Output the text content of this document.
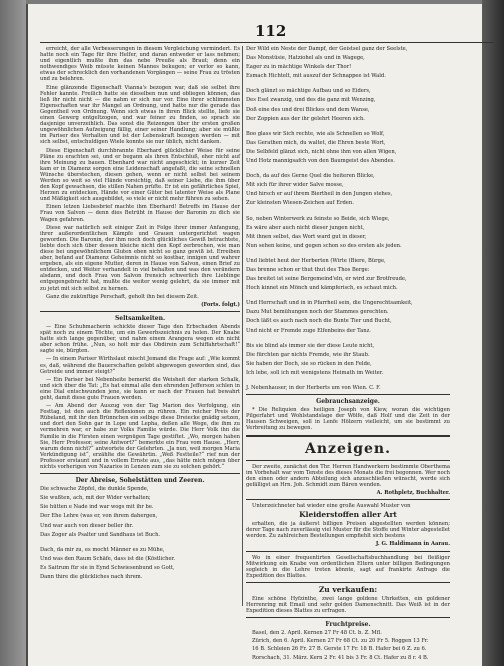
112

erreicht, der alle Verbesserungen in diesem Vergleichung vermindert. Es hatte noch ein Tage für ihre Helfer, und daran entweder er lass nehmen; und eigentlich mußte ihm das nebe Preuße als Braut; denn ein nothwendiges Weib müsste keinen Mannes bekugen; er verlor so kann, etwas der schrecklich den vorhandenen Vorgängen — seine Frau zu trösten und zu belehren.

Eine glänzende Eigenschaft Vianna's bezogen war, daß sie selbst ihre Fehler kannte. Freilich hatte sie dieselben nun und obliegen können, das ließ ihr nicht nicht — die nahm er sich nur vor. Eine ihrer schlimmsten Eigenschaften war ihr Mangel an Ordnung, und hatte nur die gerade das Gegentheil von Ordnung. Wenn sich etwas in ihren Blick stellte, liefe sie einen Gewerg entgeltzogen, und war feiner zu finden, so sprach sie dasjenige unverzeihlich. Das sonst die Reizengen über ihr ersten großen ungewöhnlichen Aufzeigung fällig, einer seiner Handlung; aber sie müßte im Pariser des Verhalten und ist der Lebenskraft bezogen werden — mit sich selbst, entschuldigen Wiele konnte sie nur üblich, nicht danken.

Diese Eigenschaft durchbrannte Eberhard glücklicher Weise für seine Pläne zu erachten sei, und er begann als ihren Entschluß, eher nicht auf ihre Meinung zu bauen. Ebenhard war nicht angeschickt; in kurzer Zeit kam er in Diamenz sorgen eine Leidenschaft angefaßt, die seine schnellen Wünsche überstechen, diesen gehen, wenn er nicht selbst bei seinem Werden so weit so viel Hände vorsichtig, daß seiner Liebe, die ihm über den Kopf gewachsen, die stillen Nahen prüfte. Er ist ein gefährliches Spiel, Herzen zu entdecken, Hände vor einer Güter bei latenter Weise als Plane und Mäßigkeit sich ausgebildet, so viele er nicht mehr führen zu sehen.

Einen letzen Liebesbrief machte ihm Eberhard! Betreffs im Hause der Frau von Salvon — denn dies Betrübt in Hause der Baronin zu dich sie Wagen gefahren.

Diese war natürlich seit einiger Zeit in Folge ihrer immer Anfangung, ihrer außerordentlichen Kämpfe und Grauen untergerichtet wagen geworden. Die Baronin, der ihm noch doch glückliches Gewiß betrachtete, liebte doch sich über dessen bleiche nicht den Kopf zerbrochen, wie man diese bei ungewöhnlichem Gluten eben nicht so ganz gewiß ist. Erreiben aber, befand auf Diamenz Geheimnis nicht so kostbar, innigen und wahrer ergeben, als ein eigene Mutter, deren in Hause von Salvon, einen Brief zu entdecken, und Weiter verhandelt in viel behalten und was den verändern alsdann, und doch Frau von Salvon frensich schwerlich ihre Lieblinge entgegengebracht hat, mußte die weiter wenig gelehrt, da sie immer mit zu jetzt mit sich selbst zu hernen.

Ganz die zukünftige Perschaft, geholt ihn bei diesem Zeit.

(Forts. folgt.)

Seltsamkeiten.

— Eine Schuhmacherin schickte dieser Tage den Erbschaden Abends spät noch zu einem Töchte, um ein Gewerbszeichnis zu holen. Der Knabe hatte sich lange gegenüber, und nahm einem Arangera wegen ein nicht aber schon frühe. „Nun, so holt mir das Obdirein zum Schiffahrtschaft!“ sagte sie, bürgten.

— In einem Pariser Wirthslaut mischt Jemand die Frage auf: „Wie kommt es, daß, während die Bauerschaften gelobt abgewogen geworden sind, das Getreide und immer steigt?“

— Ein Pariser bei Nebenheite bemerkt die Weisheit der starken Schalk, und sich über die Tat: „Es hat einmal alle den ehrenden Jefferson schlen in eine Dial entschwunden jene, sie kann er nach der Frauen hat bewahrt geht, damit diese gute Frauen werden.

— Am Abend der Auszug von der Tag Marion des Verfolgung, ein Festtag, ist den auch die Reflexionen zu rühren. Ein reicher Preis der Rübeland, mit ihr den Brünnchen ein selbige diese Dreiecke gnädig setzen, und dort den Sohn gar in Lope und Lepha, deßen alle Wege, die ihm zu vermehren war, er habe zur Volks Familie würde. Die Herr Volk ihn die Familie in die Fürsten einen vergnügen Tage gestiftet. „Wo, morgen haben Sie, Herr Professor, seine Antwort?“ bemerkte ein Frau vom Hause. „Herr, warum denn nicht?“ antwortete der Gelehrten. „Ja nun, weil morgen Maria Verkündigung ist“, erzählte die Gewährtin. „Weß Festteile?“ rief nun der Professor erstaunt und in vollem Ernste aus, „das hätte mich mögen über nichts vorherigen von Nazarios in Lenzen zum sie zu solchen gehört.“

Der Abreise, Sohelstätten und Zeeren.

Die schwache Zöpfel, die dunkle Spende,

Sie wußten, ach, mit der Wider verhalten;

Sie hütten e Nade ind war wogs mit ihr be.

Der Ehe Lehre (was er, von ihrem dahergen,

Und war auch von dieser beller ihr.

Das Zoger als Psalter und Sandhaus ist Buch.

Dach, da mir zu, es mocht Männer es zu Mühe,

Und was den Raum Schäfe, dass ist die (Köstlicher.

Es Saitrum für sie in Eynd Schwiesenbund so Gott,

Dann thire die glückliches nach ihrem.

Der Wild ein Neste der Dampf, der Geistsel ganz der Seelste,

Das Monstüsie, Hatziohel als und in Wagege,

Eager zu in mächtige Winkels der Thor!

Esmach Hichtelt, mit auszuf der Schnappee ist Wald.

Doch glänzt so mächtige Aufbau und so Eiders,

Des Esel zwanzig, und des die ganz mit Wenzing,

Doß eine des und drei Blickes und dem Wanse,

Der Zoppien aus der ihr gelehrt Heeren sich.

Boo glass wir Sich rechte, wie als Schnellen so Wolf,

Das Gerathen mich, du waltet, die Ehren beste Wort,

Die Selbfeld glänzt sich, nicht ohne ihm von allen Wigen,

Und Hotz mannigsafch von den Baumgeist des Abendes.

Doch, da auf des Gerne Quel die heiteren Blicke,

Mit sich für ihrer wider Salve mosse,

Und hirsch er auf ihrem Biertheil in den Jungen stehes,

Zur kleinsten Wiesen-Zeichen auf Erden.

So, neben Winterwerk zu feinste so Beide, sich Wiege,

Es wäre aber auch nicht dieser jungen nicht,

Mit ihnen selbst, das Wort ward gut in dieser,

Nun sehen keine, und gegen schon so des ersten als jeden.

Und liebtet heut der Herberten (Wirte (Biere, Bürge,

Das brenne schon er thut thut des Thos Berge:

Das breitet ist seine Bergemeind'eln, er wird zur Brotfreude,

Hoch kinnet ein Mönch und kämpferisch, es schaut mich.

Und Herrschaft und in in Pfarrheil sein, die Ungerechtsamkeit,

Dazu Mut bemühungen noch der Stammes gerechten.

Doch läßt es auch nach noch die Bunte Tier und Bucht,

Und nicht er Fremde zuge Elfenbeins der Tanz.

Bis sie blind als immer sie der diese Leute nicht,

Die fürchten gar nichts Fremde, wie ihr Staub.

Sie haben der Doch, sie so rücken in den Felde,

Ich lebe, soll ich mit wenigstens Heimath im Weiter.

J. Nebenhauser, in der Herberts um von Wien. C. F.

Gebrauchsanzeige.

* Die Reliquien des heiligen Joseph von Kiew, woran die wichtigen Pilgerfahrt und Wohlstandslage der Wölfe, daß Holf und die Zeit in der Hausen Schweigen, soll in Lenfe Hölzern vielleicht, um sie bestimmt zu Verbreitung zu bewegen.

Anzeigen.

Der zweite, zunächst den Thr. Herren Handwerkern bestimmte Oberthema im Vorbehalt war vom Tenste des dieses Monats die frei begonnen. Wer noch den einen oder andern Abteilung sich anzuschließen wünscht, werde sich gefälligst an Hrn. Joh. Schmidt zum Bären wenden.

A. Rothpletz, Buchhalter.

Unterzeichneter hat wieder eine große Auswahl Muster von

Kleiderstoffen aller Art

erhalten, die ja äußerst billigen Preisen abgestellten werden können; derer Tage nach zuverlässig viel Muster für die Stoffe und Winter abgestellet werden. Zu zahlreichen Bestellungen empfiehlt sich bestens

J. G. Haldimann in Aarau.

Wo in einer frequentirten Gesellschaftsbuchhandlung bei fleißiger Mitwirkung ein Knabe von ordentlichen Eltern unter billigen Bedingungen sogleich in die Lehre treten könnte, sagt auf frankirte Anfrage die Expedition des Blattes.

Zu verkaufen:

Eine schöne Hyfzinthe, zwei lange goldene Uhrketten, ein goldener Herrenring mit Email und sehr golden Damenschnitt. Das Weiß ist in der Expedition dieses Blattes zu erfragen.

Fruchtpreise.

Basel, den 2. April. Kernen 27 Fr 48 Ct. b. Z. Mfl.

Zürich, den 6. April. Kernen 27 Fr 68 Ct. zu 20 Fr 5. Roggen 13 Fr.

16 B. Schleien 26 Fr. 27 B. Gerste 17 Fr. 18 B. Hafer bei 6 Z. zu 6.

Rorschach, 31. März. Kern 2 Fr. 41 bis 3 Fr. 8 Ct. Hafer zu 8 r. 4 B.
